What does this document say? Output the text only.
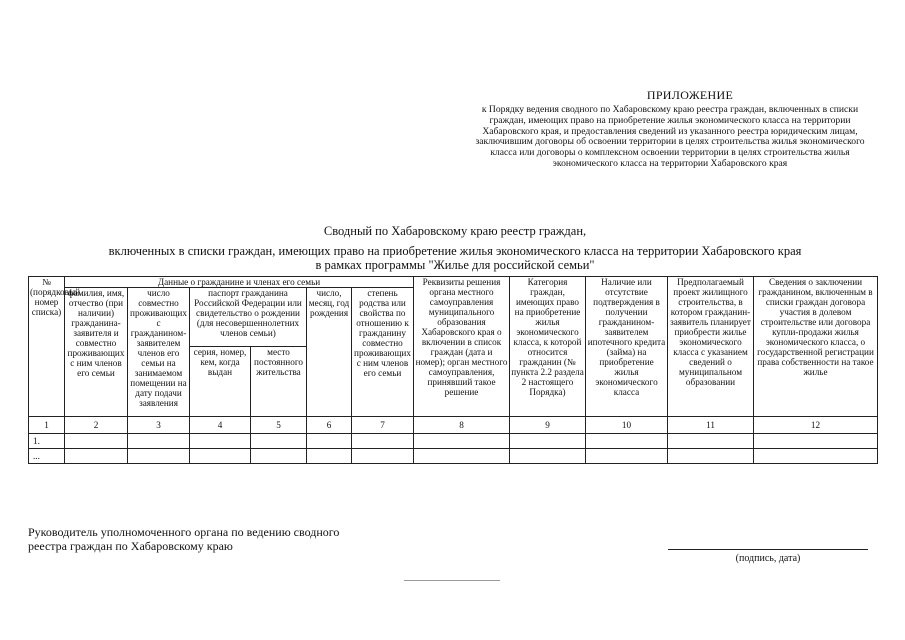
ПРИЛОЖЕНИЕ
к Порядку ведения сводного по Хабаровскому краю реестра граждан, включенных в списки граждан, имеющих право на приобретение жилья экономического класса на территории Хабаровского края, и предоставления сведений из указанного реестра юридическим лицам, заключившим договоры об освоении территории в целях строительства жилья экономического класса или договоры о комплексном освоении территории в целях строительства жилья экономического класса на территории Хабаровского края
Сводный по Хабаровскому краю реестр граждан,
включенных в списки граждан, имеющих право на приобретение жилья экономического класса на территории Хабаровского края
в рамках программы "Жилье для российской семьи"
№ (порядковый номер списка)	Данные о гражданине и членах его семьи						Реквизиты решения органа местного самоуправления муниципального образования Хабаровского края о включении в список граждан (дата и номер); орган местного самоуправления, принявший такое решение	Категория граждан, имеющих право на приобретение жилья экономического класса, к которой относится гражданин (№ пункта 2.2 раздела 2 настоящего Порядка)	Наличие или отсутствие подтверждения в получении гражданином-заявителем ипотечного кредита (займа) на приобретение жилья экономического класса	Предполагаемый проект жилищного строительства, в котором гражданин-заявитель планирует приобрести жилье экономического класса с указанием сведений о муниципальном образовании	Сведения о заключении гражданином, включенным в списки граждан договора участия в долевом строительстве или договора купли-продажи жилья экономического класса, о государственной регистрации права собственности на такое жилье
	фамилия, имя, отчество (при наличии) гражданина-заявителя и совместно проживающих с ним членов его семьи	число совместно проживающих с гражданином-заявителем членов его семьи на занимаемом помещении на дату подачи заявления	паспорт гражданина Российской Федерации или свидетельство о рождении (для несовершеннолетних членов семьи)		число, месяц, год рождения	степень родства или свойства по отношению к гражданину совместно проживающих с ним членов его семьи					
			серия, номер, кем, когда выдан	место постоянного жительства							
1	2	3	4	5	6	7	8	9	10	11	12
1.											
...											
Руководитель уполномоченного органа по ведению сводного
реестра граждан по Хабаровскому краю
(подпись, дата)
